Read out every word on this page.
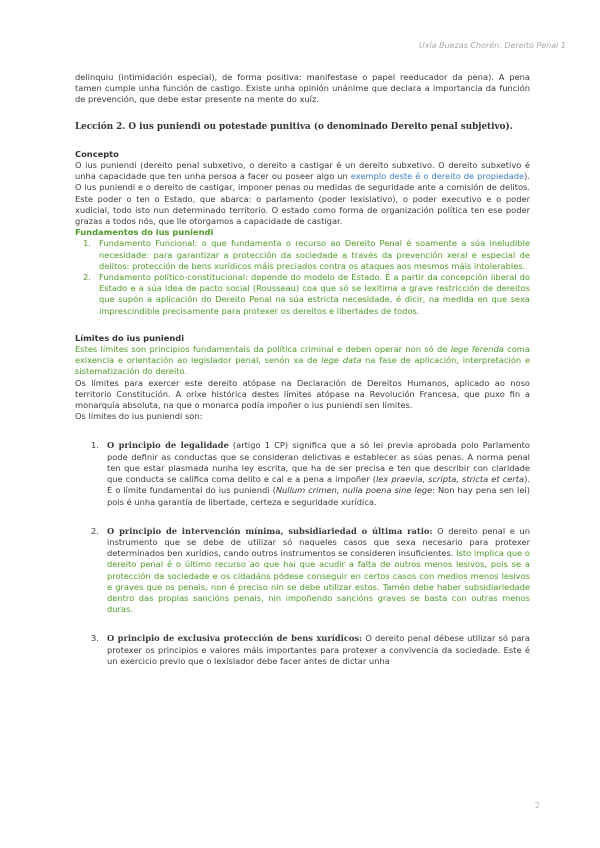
Uxía Buezas Chorén. Dereito Penal 1

delinquiu (intimidación especial), de forma positiva: manifestase o papel reeducador da pena). A pena tamen cumple unha función de castigo. Existe unha opinión unánime que declara a importancia da función de prevención, que debe estar presente na mente do xuíz.

Lección 2. O ius puniendi ou potestade punitiva (o denominado Dereito penal subjetivo).

Concepto

O ius puniendi (dereito penal subxetivo, o dereito a castigar é un dereito subxetivo. O dereito subxetivo é unha capacidade que ten unha persoa a facer ou poseer algo un exemplo deste é o dereito de propiedade). O ius puniendi e o dereito de castigar, imponer penas ou medidas de seguridade ante a comisión de delitos. Este poder o ten o Estado, que abarca: o parlamento (poder lexislativo), o poder executivo e o poder xudicial, todo isto nun determinado territorio. O estado como forma de organización política ten ese poder grazas a todos nós, que lle otorgamos a capacidade de castigar.

Fundamentos do ius puniendi

1. Fundamento Funcional: o que fundamenta o recurso ao Dereito Penal é soamente a súa ineludible necesidade: para garantizar a protección da sociedade a través da prevención xeral e especial de delitos: protección de bens xurídicos máis preciados contra os ataques aos mesmos máis intolerables.
2. Fundamento político-constitucional: depende do modelo de Estado. É a partir da concepción liberal do Estado e a súa idea de pacto social (Rousseau) coa que só se lexitima a grave restricción de dereitos que supón a aplicación do Dereito Penal na súa estricta necesidade, é dicir, na medida en que sexa imprescindible precisamente para protexer os dereitos e libertades de todos.

Límites do ius puniendi

Estes límites son principios fundamentais da política criminal e deben operar non só de lege ferenda coma exixencia e orientación ao legislador penal, senón xa de lege data na fase de aplicación, interpretación e sistematización do dereito.

Os límites para exercer este dereito atópase na Declaración de Dereitos Humanos, aplicado ao noso territorio Constitución. A orixe histórica destes límites atópase na Revolución Francesa, que puxo fin a monarquía absoluta, na que o monarca podía impoñer o ius puniendi sen límites.

Os límites do ius puniendi son:

1. O principio de legalidade (artigo 1 CP) significa que a só lei previa aprobada polo Parlamento pode definir as conductas que se consideran delictivas e establecer as súas penas. A norma penal ten que estar plasmada nunha ley escrita, que ha de ser precisa e ten que describir con claridade que conducta se califica coma delito e cal e a pena a impoñer (lex praevia, scripta, stricta et certa). É o límite fundamental do ius puniendi (Nullum crimen, nulla poena sine lege: Non hay pena sen lei) pois é unha garantía de libertade, certeza e seguridade xurídica.
2. O principio de intervención mínima, subsidiariedad o última ratio: O dereito penal e un instrumento que se debe de utilizar só naqueles casos que sexa necesario para protexer determinados ben xurídios, cando outros instrumentos se consideren insuficientes. Isto implica que o dereito penal é o último recurso ao que hai que acudir a falta de outros menos lesivos, pois se a protección da sociedade e os cidadáns pódese conseguir en certos casos con medios menos lesivos e graves que os penais, non é preciso nin se debe utilizar estos. Tamén debe haber subsidiariedade dentro das propias sancións penais, nin impoñendo sancións graves se basta con outras menos duras.
3. O principio de exclusiva protección de bens xurídicos: O dereito penal débese utilizar só para protexer os principios e valores máis importantes para protexer a convivencia da sociedade. Este é un exercicio previo que o lexislador debe facer antes de dictar unha
2
